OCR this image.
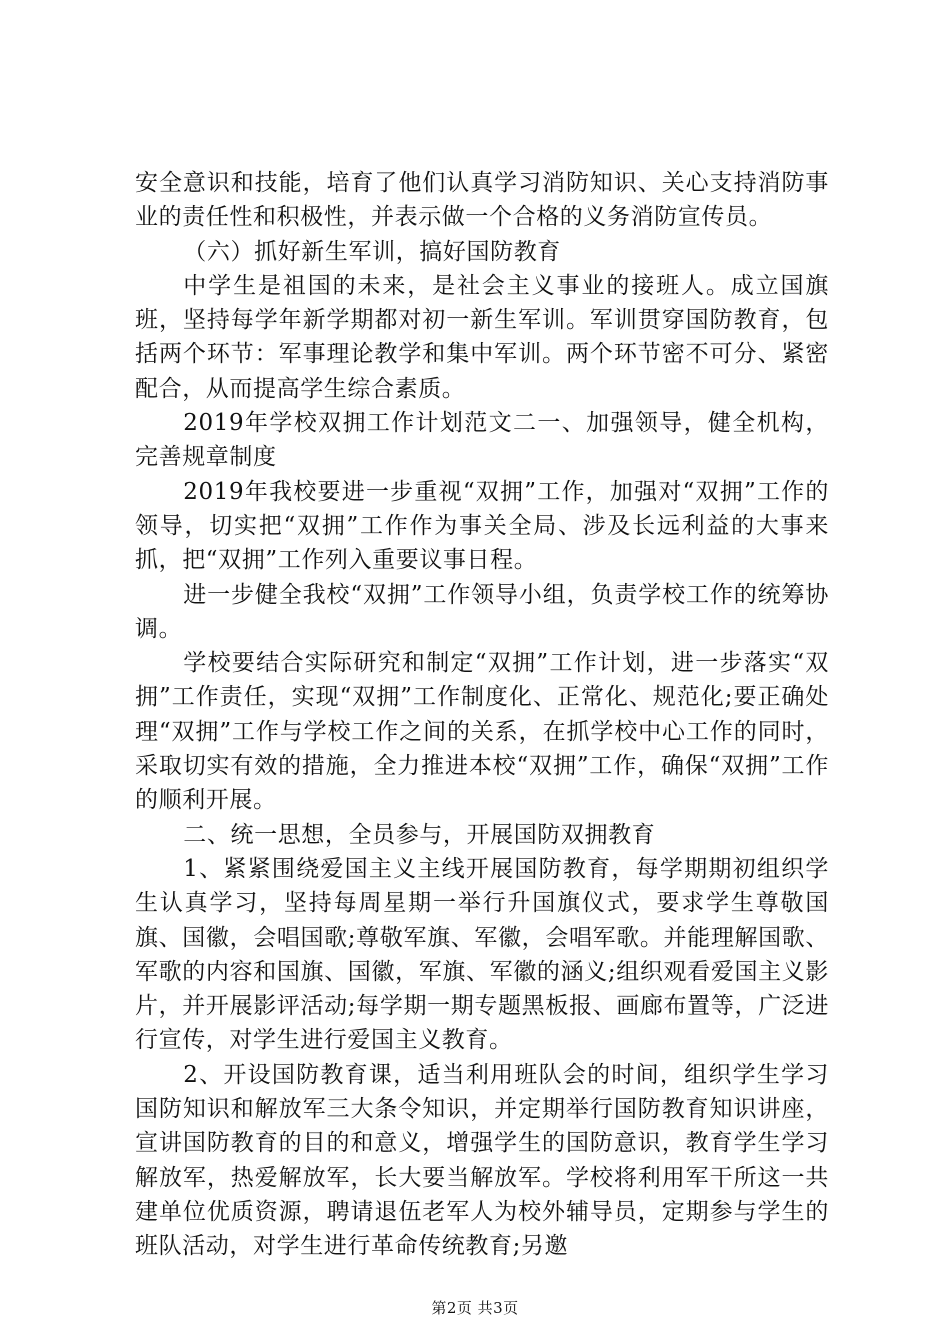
安全意识和技能，培育了他们认真学习消防知识、关心支持消防事业的责任性和积极性，并表示做一个合格的义务消防宣传员。

（六）抓好新生军训，搞好国防教育

中学生是祖国的未来，是社会主义事业的接班人。成立国旗班，坚持每学年新学期都对初一新生军训。军训贯穿国防教育，包括两个环节：军事理论教学和集中军训。两个环节密不可分、紧密配合，从而提高学生综合素质。

2019年学校双拥工作计划范文二一、加强领导，健全机构，完善规章制度

2019年我校要进一步重视“双拥”工作，加强对“双拥”工作的领导，切实把“双拥”工作作为事关全局、涉及长远利益的大事来抓，把“双拥”工作列入重要议事日程。

进一步健全我校“双拥”工作领导小组，负责学校工作的统筹协调。

学校要结合实际研究和制定“双拥”工作计划，进一步落实“双拥”工作责任，实现“双拥”工作制度化、正常化、规范化;要正确处理“双拥”工作与学校工作之间的关系，在抓学校中心工作的同时，采取切实有效的措施，全力推进本校“双拥”工作，确保“双拥”工作的顺利开展。

二、统一思想，全员参与，开展国防双拥教育

1、紧紧围绕爱国主义主线开展国防教育，每学期期初组织学生认真学习，坚持每周星期一举行升国旗仪式，要求学生尊敬国旗、国徽，会唱国歌;尊敬军旗、军徽，会唱军歌。并能理解国歌、军歌的内容和国旗、国徽，军旗、军徽的涵义;组织观看爱国主义影片，并开展影评活动;每学期一期专题黑板报、画廊布置等，广泛进行宣传，对学生进行爱国主义教育。

2、开设国防教育课，适当利用班队会的时间，组织学生学习国防知识和解放军三大条令知识，并定期举行国防教育知识讲座，宣讲国防教育的目的和意义，增强学生的国防意识，教育学生学习解放军，热爱解放军，长大要当解放军。学校将利用军干所这一共建单位优质资源，聘请退伍老军人为校外辅导员，定期参与学生的班队活动，对学生进行革命传统教育;另邀

第2页 共3页
